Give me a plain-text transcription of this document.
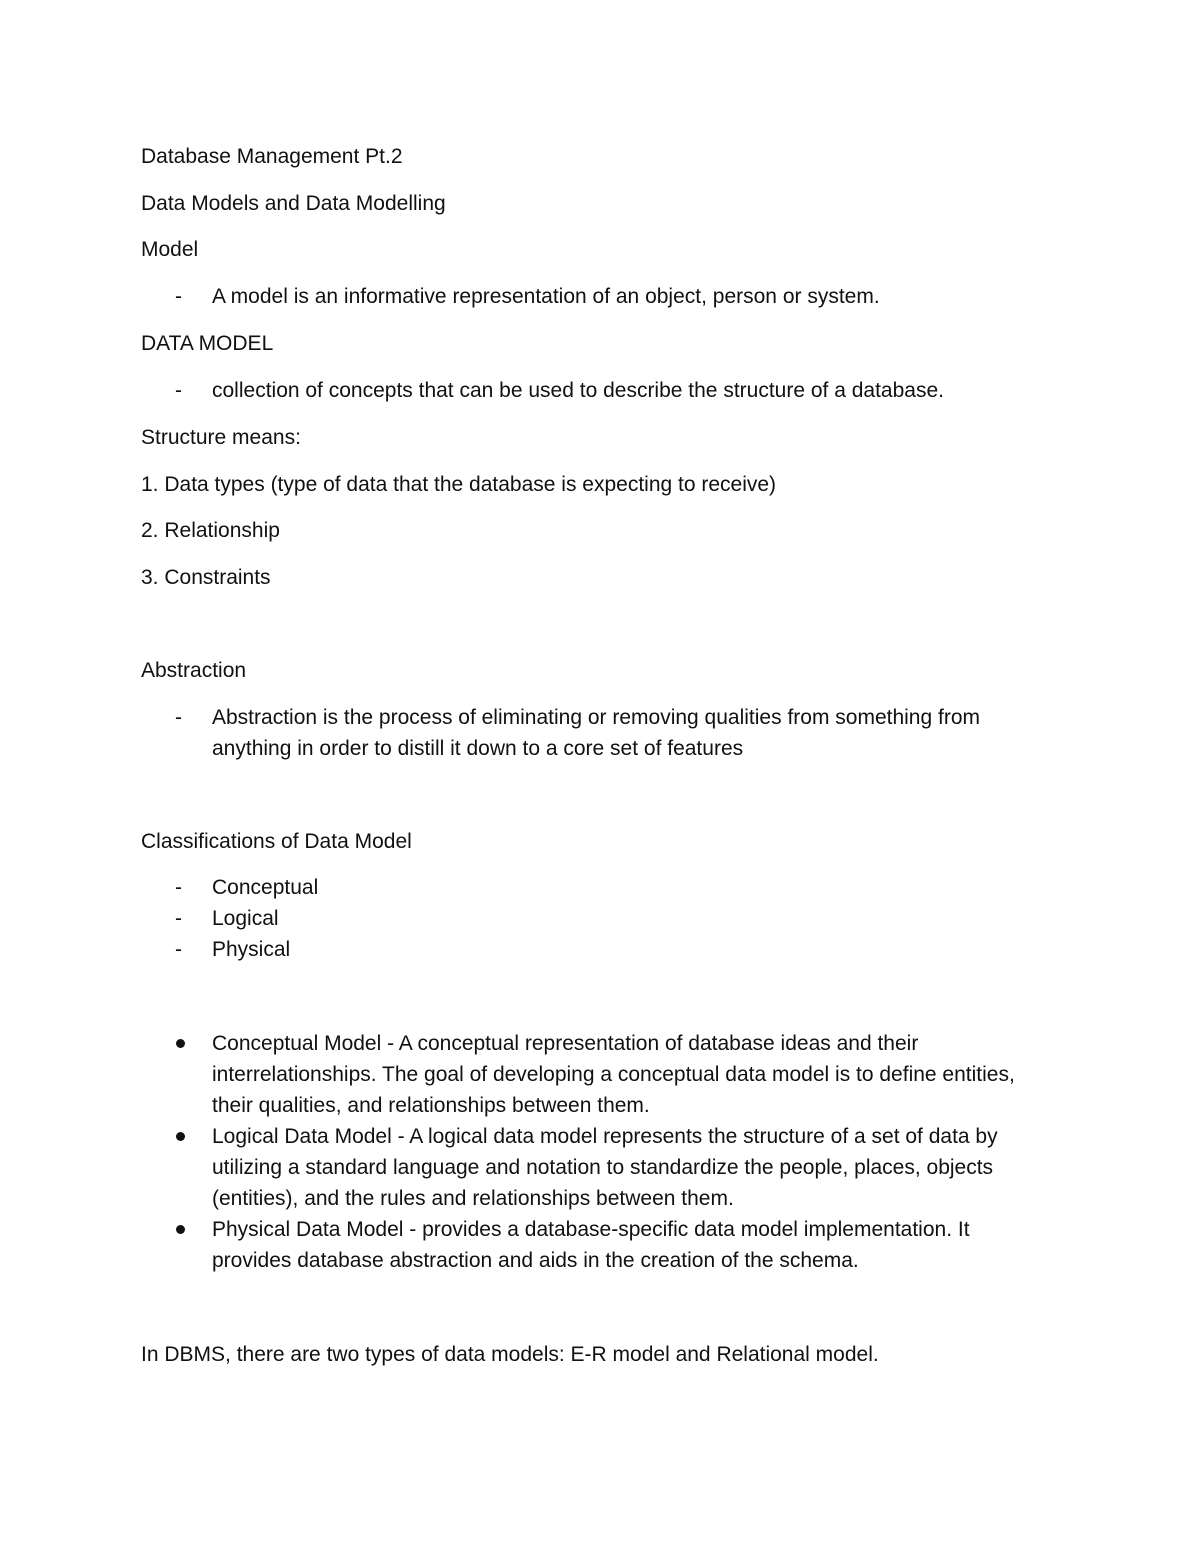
Database Management Pt.2

Data Models and Data Modelling

Model

-	A model is an informative representation of an object, person or system.

DATA MODEL

-	collection of concepts that can be used to describe the structure of a database.

Structure means:

1. Data types (type of data that the database is expecting to receive)

2. Relationship

3. Constraints

Abstraction

-	Abstraction is the process of eliminating or removing qualities from something from anything in order to distill it down to a core set of features

Classifications of Data Model

-	Conceptual
-	Logical
-	Physical
Conceptual Model - A conceptual representation of database ideas and their interrelationships. The goal of developing a conceptual data model is to define entities, their qualities, and relationships between them.
Logical Data Model - A logical data model represents the structure of a set of data by utilizing a standard language and notation to standardize the people, places, objects (entities), and the rules and relationships between them.
Physical Data Model - provides a database-specific data model implementation. It provides database abstraction and aids in the creation of the schema.

In DBMS, there are two types of data models: E-R model and Relational model.
